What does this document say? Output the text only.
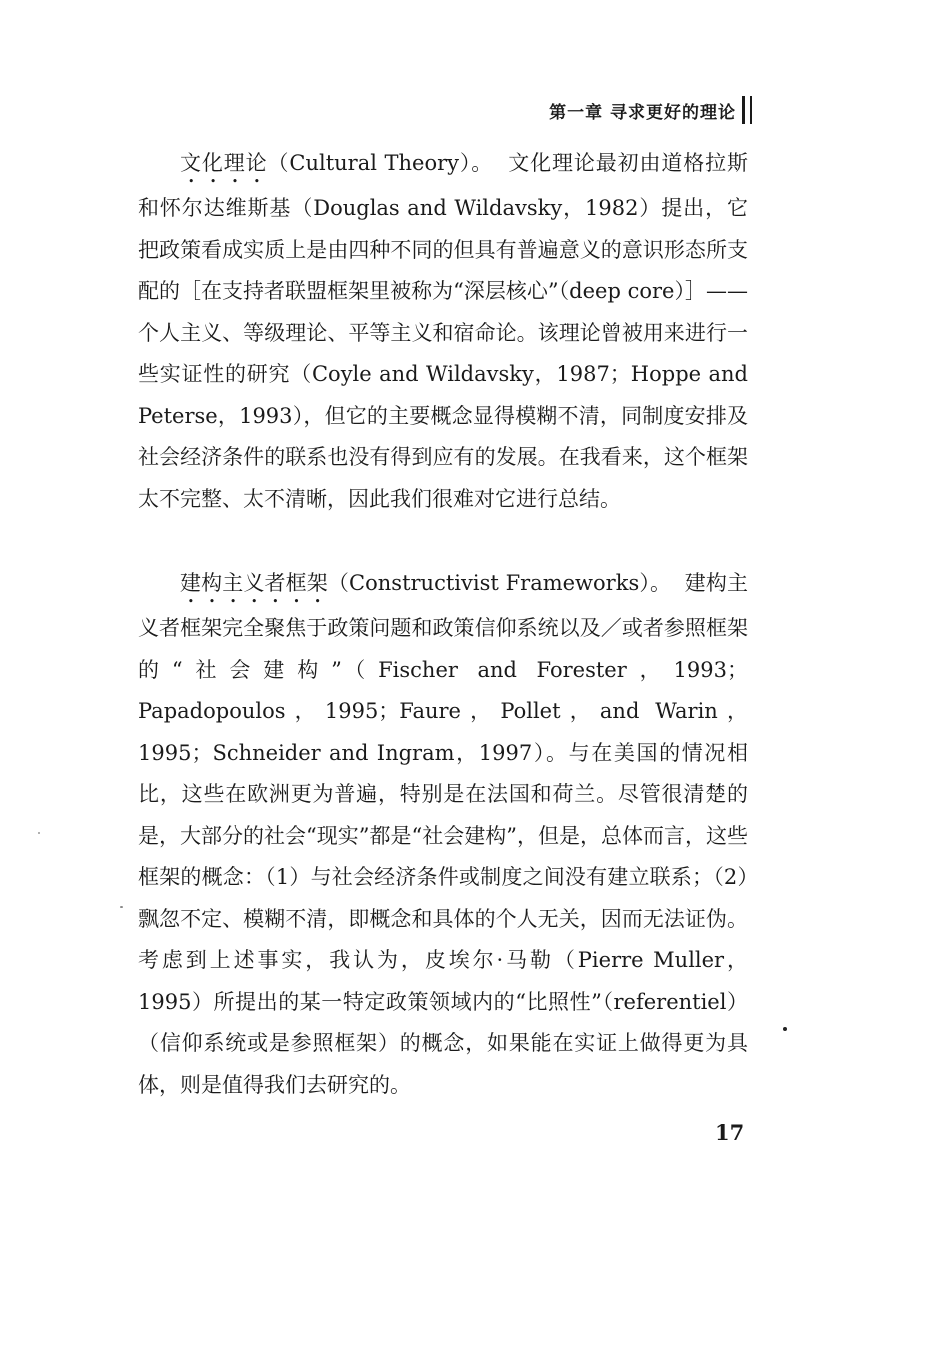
第一章 寻求更好的理论

文化理论（Cultural Theory）。 文化理论最初由道格拉斯和怀尔达维斯基（Douglas and Wildavsky，1982）提出，它把政策看成实质上是由四种不同的但具有普遍意义的意识形态所支配的［在支持者联盟框架里被称为“深层核心”（deep core）］——个人主义、等级理论、平等主义和宿命论。该理论曾被用来进行一些实证性的研究（Coyle and Wildavsky，1987；Hoppe and Peterse，1993），但它的主要概念显得模糊不清，同制度安排及社会经济条件的联系也没有得到应有的发展。在我看来，这个框架太不完整、太不清晰，因此我们很难对它进行总结。

建构主义者框架（Constructivist Frameworks）。 建构主义者框架完全聚焦于政策问题和政策信仰系统以及／或者参照框架的“社会建构”（Fischer and Forester，1993；Papadopoulos，1995；Faure，Pollet，and Warin，1995；Schneider and Ingram，1997）。与在美国的情况相比，这些在欧洲更为普遍，特别是在法国和荷兰。尽管很清楚的是，大部分的社会“现实”都是“社会建构”，但是，总体而言，这些框架的概念：（1）与社会经济条件或制度之间没有建立联系；（2）飘忽不定、模糊不清，即概念和具体的个人无关，因而无法证伪。考虑到上述事实，我认为，皮埃尔·马勒（Pierre Muller，1995）所提出的某一特定政策领域内的“比照性”（referentiel）（信仰系统或是参照框架）的概念，如果能在实证上做得更为具体，则是值得我们去研究的。

17
